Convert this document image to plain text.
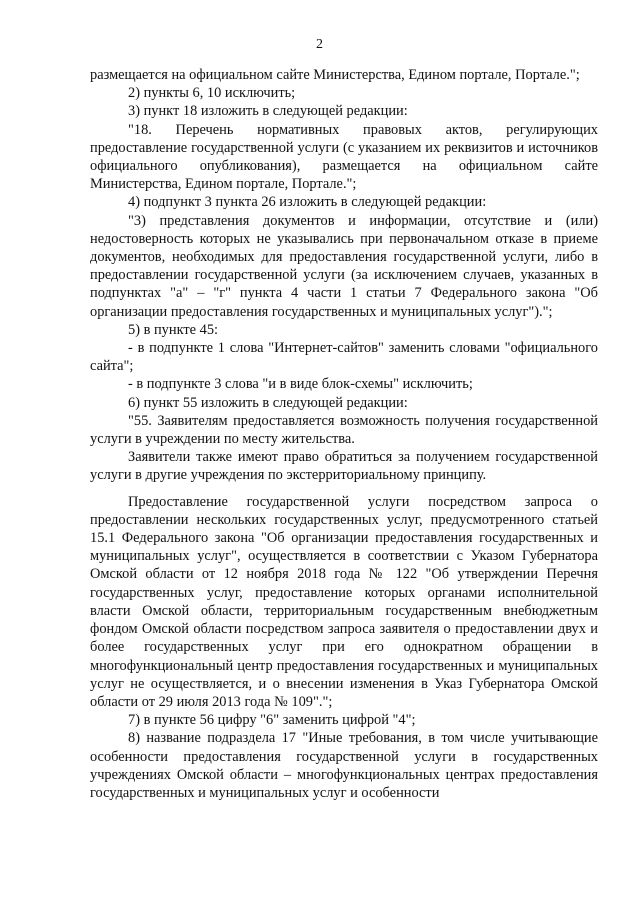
2

размещается на официальном сайте Министерства, Едином портале, Портале.";

2) пункты 6, 10 исключить;

3) пункт 18 изложить в следующей редакции:

"18. Перечень нормативных правовых актов, регулирующих предоставление государственной услуги (с указанием их реквизитов и источников официального опубликования), размещается на официальном сайте Министерства, Едином портале, Портале.";

4) подпункт 3 пункта 26 изложить в следующей редакции:

"3) представления документов и информации, отсутствие и (или) недостоверность которых не указывались при первоначальном отказе в приеме документов, необходимых для предоставления государственной услуги, либо в предоставлении государственной услуги (за исключением случаев, указанных в подпунктах "а" – "г" пункта 4 части 1 статьи 7 Федерального закона "Об организации предоставления государственных и муниципальных услуг").";

5) в пункте 45:

- в подпункте 1 слова "Интернет-сайтов" заменить словами "официального сайта";

- в подпункте 3 слова "и в виде блок-схемы" исключить;

6) пункт 55 изложить в следующей редакции:

"55. Заявителям предоставляется возможность получения государственной услуги в учреждении по месту жительства.

Заявители также имеют право обратиться за получением государственной услуги в другие учреждения по экстерриториальному принципу.

Предоставление государственной услуги посредством запроса о предоставлении нескольких государственных услуг, предусмотренного статьей 15.1 Федерального закона "Об организации предоставления государственных и муниципальных услуг", осуществляется в соответствии с Указом Губернатора Омской области от 12 ноября 2018 года № 122 "Об утверждении Перечня государственных услуг, предоставление которых органами исполнительной власти Омской области, территориальным государственным внебюджетным фондом Омской области посредством запроса заявителя о предоставлении двух и более государственных услуг при его однократном обращении в многофункциональный центр предоставления государственных и муниципальных услуг не осуществляется, и о внесении изменения в Указ Губернатора Омской области от 29 июля 2013 года № 109".";

7) в пункте 56 цифру "6" заменить цифрой "4";

8) название подраздела 17 "Иные требования, в том числе учитывающие особенности предоставления государственной услуги в государственных учреждениях Омской области – многофункциональных центрах предоставления государственных и муниципальных услуг и особенности
